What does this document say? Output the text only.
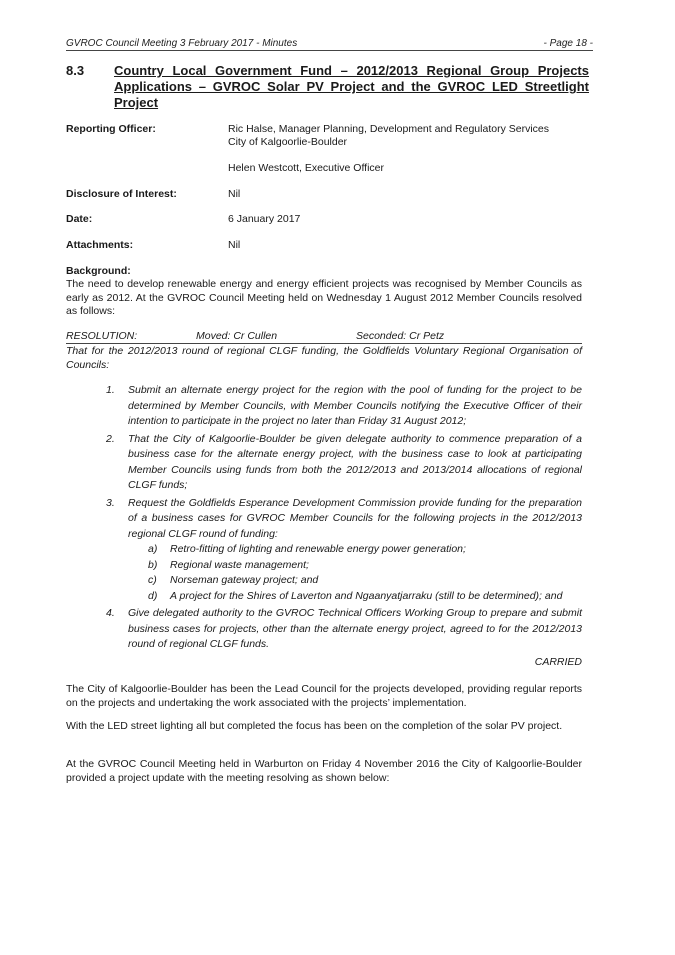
GVROC Council Meeting 3 February 2017 - Minutes	- Page 18 -
8.3 Country Local Government Fund – 2012/2013 Regional Group Projects Applications – GVROC Solar PV Project and the GVROC LED Streetlight Project
Reporting Officer:	Ric Halse, Manager Planning, Development and Regulatory Services
City of Kalgoorlie-Boulder
Helen Westcott, Executive Officer
Disclosure of Interest:	Nil
Date:	6 January 2017
Attachments:	Nil
Background:
The need to develop renewable energy and energy efficient projects was recognised by Member Councils as early as 2012. At the GVROC Council Meeting held on Wednesday 1 August 2012 Member Councils resolved as follows:
RESOLUTION:	Moved: Cr Cullen	Seconded: Cr Petz
That for the 2012/2013 round of regional CLGF funding, the Goldfields Voluntary Regional Organisation of Councils:
1. Submit an alternate energy project for the region with the pool of funding for the project to be determined by Member Councils, with Member Councils notifying the Executive Officer of their intention to participate in the project no later than Friday 31 August 2012;
2. That the City of Kalgoorlie-Boulder be given delegate authority to commence preparation of a business case for the alternate energy project, with the business case to look at participating Member Councils using funds from both the 2012/2013 and 2013/2014 allocations of regional CLGF funds;
3. Request the Goldfields Esperance Development Commission provide funding for the preparation of a business cases for GVROC Member Councils for the following projects in the 2012/2013 regional CLGF round of funding:
a) Retro-fitting of lighting and renewable energy power generation;
b) Regional waste management;
c) Norseman gateway project; and
d) A project for the Shires of Laverton and Ngaanyatjarraku (still to be determined); and
4. Give delegated authority to the GVROC Technical Officers Working Group to prepare and submit business cases for projects, other than the alternate energy project, agreed to for the 2012/2013 round of regional CLGF funds.
CARRIED
The City of Kalgoorlie-Boulder has been the Lead Council for the projects developed, providing regular reports on the projects and undertaking the work associated with the projects’ implementation.
With the LED street lighting all but completed the focus has been on the completion of the solar PV project.
At the GVROC Council Meeting held in Warburton on Friday 4 November 2016 the City of Kalgoorlie-Boulder provided a project update with the meeting resolving as shown below:
